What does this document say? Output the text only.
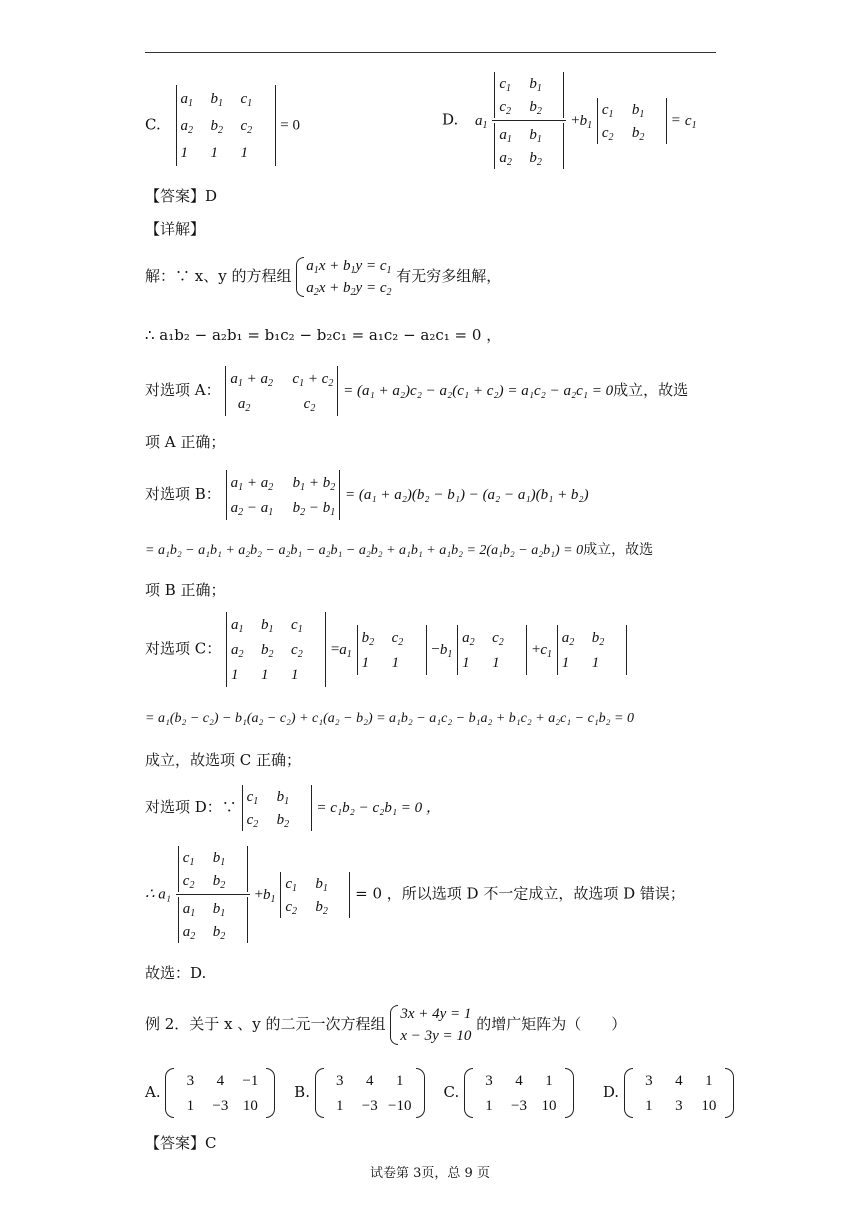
C.
$a_1$ $b_1$ $c_1$
$a_2$ $b_2$ $c_2$
1 1 1
= 0	D. $a_1$ $c_1$ $b_1$
$c_2$ $b_2$
$a_1$ $b_1$
$a_2$ $b_2 +b_1$
$c_1$ $b_1$
$c_2$ $b_2$
= $c_1$
【答案】D
【详解】
解：∵ x、y 的方程组
$a_1x + b_1y = c_1$
$a_2x + b_2y = c_2$
有无穷多组解，
∴ a₁b₂ − a₂b₁ = b₁c₂ − b₂c₁ = a₁c₂ − a₂c₁ = 0 ，
对选项 A：
$a_1 + a_2$ $c_1 + c_2$
$a_2$	$c_2$
= (a₁ + a₂)c₂ − a₂(c₁ + c₂) = a₁c₂ − a₂c₁ = 0成立，故选
项 A 正确；
对选项 B：
$a_1 + a_2$ $b_1 + b_2$
$a_2 - a_1$ $b_2 - b_1$
= (a₁ + a₂)(b₂ − b₁) − (a₂ − a₁)(b₁ + b₂)
= a₁b₂ − a₁b₁ + a₂b₂ − a₂b₁ − a₂b₁ − a₂b₂ + a₁b₁ + a₁b₂ = 2(a₁b₂ − a₂b₁) = 0成立，故选
项 B 正确；
对选项 C：
$a_1$ $b_1$ $c_1$
$a_2$ $b_2$ $c_2$
1 1 1
$=a_1$
$b_2$ $c_2$
1 1
$-b_1$
$a_2$ $c_2$
1 1
$+c_1$
$a_2$ $b_2$
1 1
= a₁(b₂ − c₂) − b₁(a₂ − c₂) + c₁(a₂ − b₂) = a₁b₂ − a₁c₂ − b₁a₂ + b₁c₂ + a₂c₁ − c₁b₂ = 0
成立，故选项 C 正确；
对选项 D：∵
$c_1$ $b_1$
$c_2$ $b_2$
= c₁b₂ − c₂b₁ = 0 ，
∴ a₁ $c_1$ $b_1$
$c_2$ $b_2$
$a_1$ $b_1$
$a_2$ $b_2 +b_1$
$c_1$ $b_1$
$c_2$ $b_2$
= 0 ，所以选项 D 不一定成立，故选项 D 错误；
故选：D.
例 2．关于 x 、y 的二元一次方程组
3x + 4y = 1
x − 3y = 10
的增广矩阵为（　　）
A.
3 4 −1
1 −3 10
B.
3 4 1
1 −3 −10
C.
3 4 1
1 −3 10
D.
3 4 1
1 3 10
【答案】C
试卷第 3页，总 9 页
